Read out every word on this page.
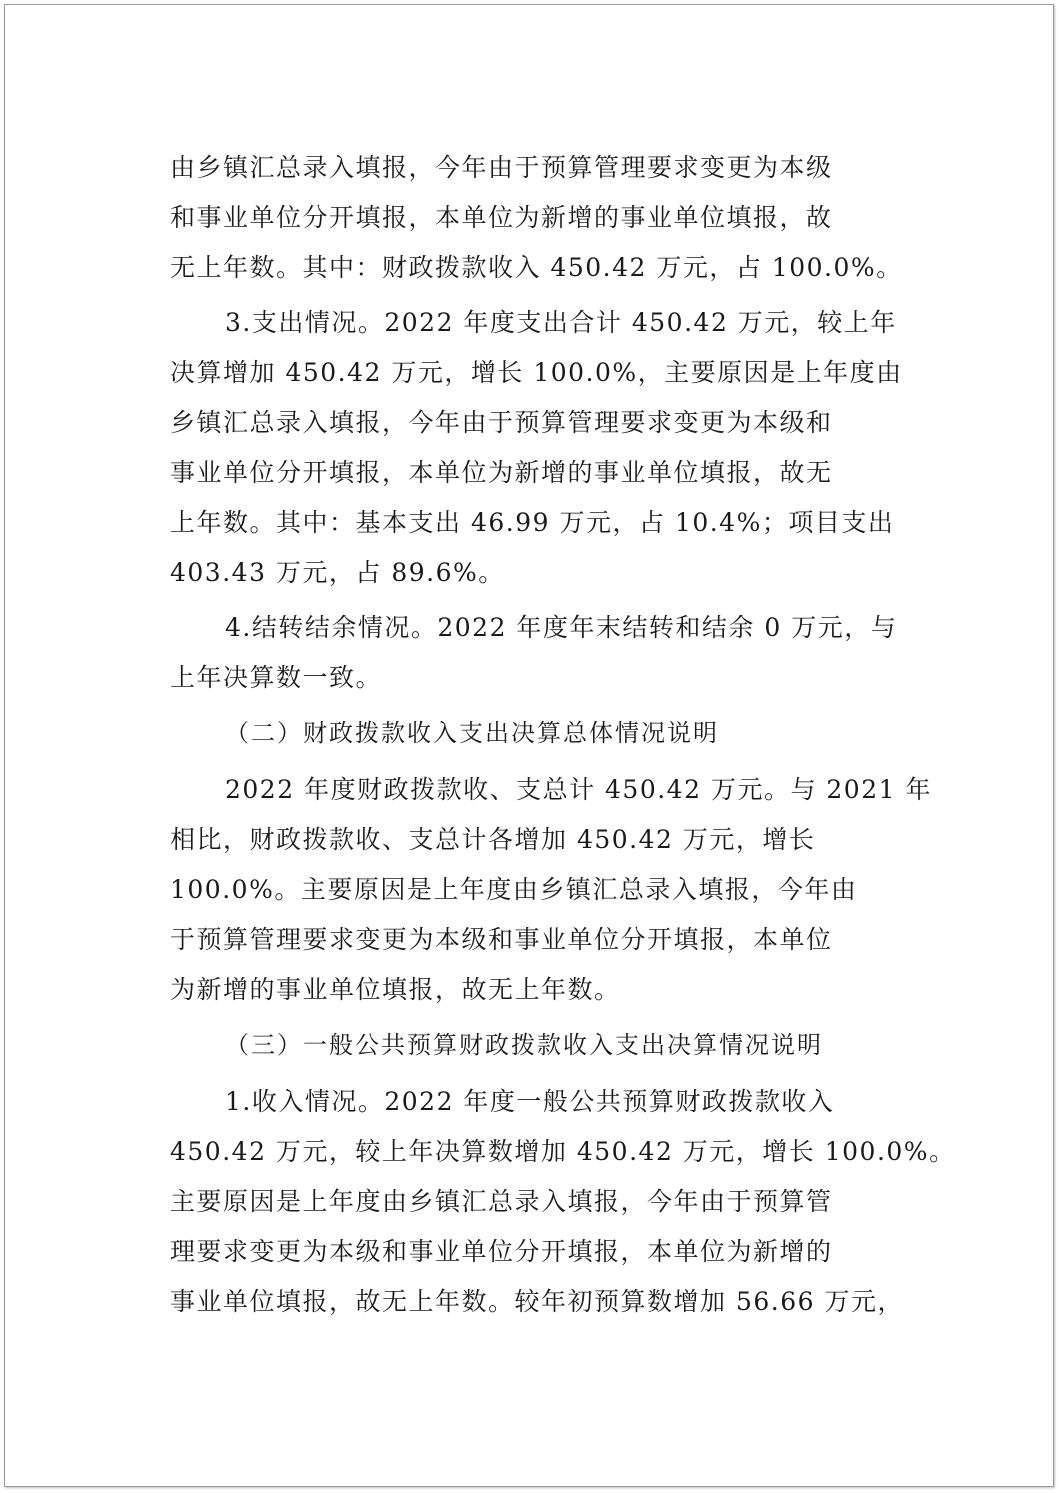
由乡镇汇总录入填报，今年由于预算管理要求变更为本级
和事业单位分开填报，本单位为新增的事业单位填报，故
无上年数。其中：财政拨款收入 450.42 万元，占 100.0%。
3.支出情况。2022 年度支出合计 450.42 万元，较上年
决算增加 450.42 万元，增长 100.0%，主要原因是上年度由
乡镇汇总录入填报，今年由于预算管理要求变更为本级和
事业单位分开填报，本单位为新增的事业单位填报，故无
上年数。其中：基本支出 46.99 万元，占 10.4%；项目支出
403.43 万元，占 89.6%。
4.结转结余情况。2022 年度年末结转和结余 0 万元，与
上年决算数一致。
（二）财政拨款收入支出决算总体情况说明
2022 年度财政拨款收、支总计 450.42 万元。与 2021 年
相比，财政拨款收、支总计各增加 450.42 万元，增长
100.0%。主要原因是上年度由乡镇汇总录入填报，今年由
于预算管理要求变更为本级和事业单位分开填报，本单位
为新增的事业单位填报，故无上年数。
（三）一般公共预算财政拨款收入支出决算情况说明
1.收入情况。2022 年度一般公共预算财政拨款收入
450.42 万元，较上年决算数增加 450.42 万元，增长 100.0%。
主要原因是上年度由乡镇汇总录入填报，今年由于预算管
理要求变更为本级和事业单位分开填报，本单位为新增的
事业单位填报，故无上年数。较年初预算数增加 56.66 万元，
